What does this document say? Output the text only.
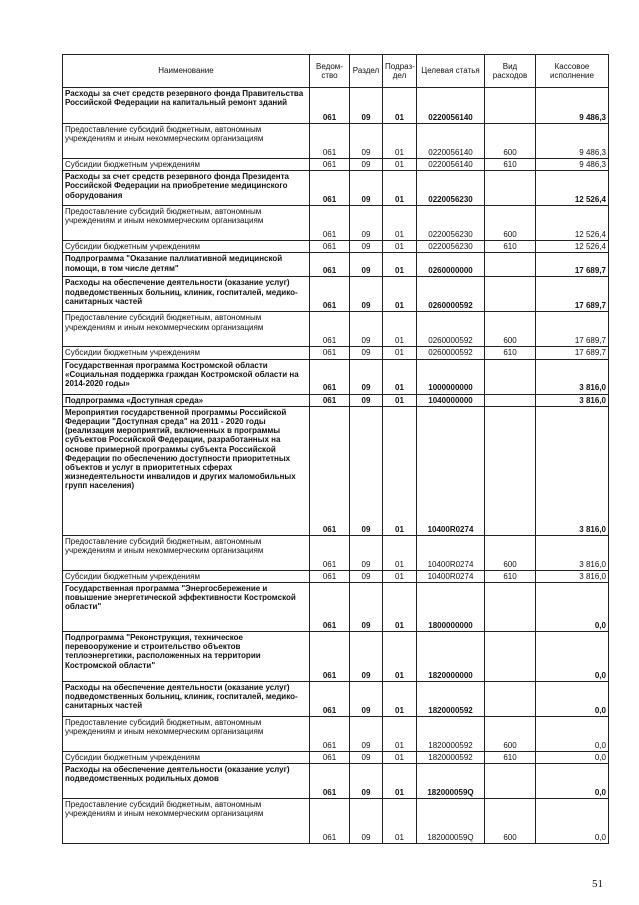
Наименование	Ведом-ство	Раздел	Подраз-дел	Целевая статья	Вид расходов	Кассовое исполнение
Расходы за счет средств резервного фонда Правительства Российской Федерации на капитальный ремонт зданий	061	09	01	0220056140		9 486,3
Предоставление субсидий бюджетным, автономным учреждениям и иным некоммерческим организациям	061	09	01	0220056140	600	9 486,3
Субсидии бюджетным учреждениям	061	09	01	0220056140	610	9 486,3
Расходы за счет средств резервного фонда Президента Российской Федерации на приобретение медицинского оборудования	061	09	01	0220056230		12 526,4
Предоставление субсидий бюджетным, автономным учреждениям и иным некоммерческим организациям	061	09	01	0220056230	600	12 526,4
Субсидии бюджетным учреждениям	061	09	01	0220056230	610	12 526,4
Подпрограмма "Оказание паллиативной медицинской помощи, в том числе детям"	061	09	01	0260000000		17 689,7
Расходы на обеспечение деятельности (оказание услуг) подведомственных больниц, клиник, госпиталей, медико-санитарных частей	061	09	01	0260000592		17 689,7
Предоставление субсидий бюджетным, автономным учреждениям и иным некоммерческим организациям	061	09	01	0260000592	600	17 689,7
Субсидии бюджетным учреждениям	061	09	01	0260000592	610	17 689,7
Государственная программа Костромской области «Социальная поддержка граждан Костромской области на 2014-2020 годы»	061	09	01	1000000000		3 816,0
Подпрограмма «Доступная среда»	061	09	01	1040000000		3 816,0
Мероприятия государственной программы Российской Федерации "Доступная среда" на 2011 - 2020 годы (реализация мероприятий, включенных в программы субъектов Российской Федерации, разработанных на основе примерной программы субъекта Российской Федерации по обеспечению доступности приоритетных объектов и услуг в приоритетных сферах жизнедеятельности инвалидов и других маломобильных групп населения)	061	09	01	10400R0274		3 816,0
Предоставление субсидий бюджетным, автономным учреждениям и иным некоммерческим организациям	061	09	01	10400R0274	600	3 816,0
Субсидии бюджетным учреждениям	061	09	01	10400R0274	610	3 816,0
Государственная программа "Энергосбережение и повышение энергетической эффективности Костромской области"	061	09	01	1800000000		0,0
Подпрограмма "Реконструкция, техническое перевооружение и строительство объектов теплоэнергетики, расположенных на территории Костромской области"	061	09	01	1820000000		0,0
Расходы на обеспечение деятельности (оказание услуг) подведомственных больниц, клиник, госпиталей, медико-санитарных частей	061	09	01	1820000592		0,0
Предоставление субсидий бюджетным, автономным учреждениям и иным некоммерческим организациям	061	09	01	1820000592	600	0,0
Субсидии бюджетным учреждениям	061	09	01	1820000592	610	0,0
Расходы на обеспечение деятельности (оказание услуг) подведомственных родильных домов	061	09	01	182000059Q		0,0
Предоставление субсидий бюджетным, автономным учреждениям и иным некоммерческим организациям	061	09	01	182000059Q	600	0,0
51
